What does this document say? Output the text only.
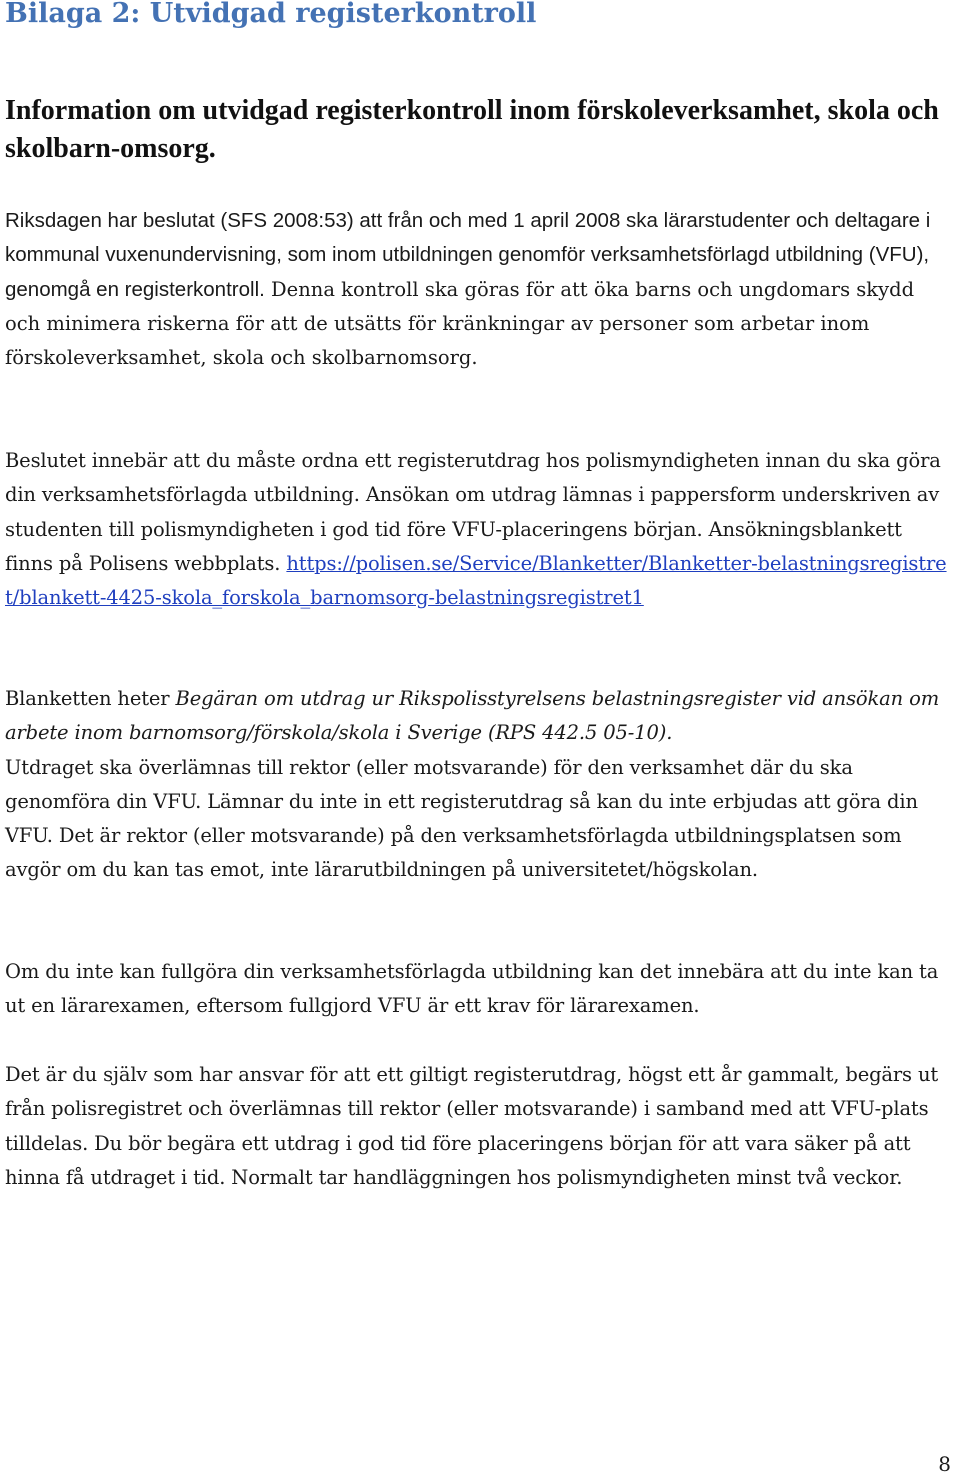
Bilaga 2: Utvidgad registerkontroll
Information om utvidgad registerkontroll inom förskoleverksamhet, skola och skolbarn-omsorg.

Riksdagen har beslutat (SFS 2008:53) att från och med 1 april 2008 ska lärarstudenter och deltagare i kommunal vuxenundervisning, som inom utbildningen genomför verksamhetsförlagd utbildning (VFU), genomgå en registerkontroll. Denna kontroll ska göras för att öka barns och ungdomars skydd och minimera riskerna för att de utsätts för kränkningar av personer som arbetar inom förskoleverksamhet, skola och skolbarnomsorg.

Beslutet innebär att du måste ordna ett registerutdrag hos polismyndigheten innan du ska göra din verksamhetsförlagda utbildning. Ansökan om utdrag lämnas i pappersform underskriven av studenten till polismyndigheten i god tid före VFU-placeringens början. Ansökningsblankett finns på Polisens webbplats. https://polisen.se/Service/Blanketter/Blanketter-belastningsregistret/blankett-4425-skola_forskola_barnomsorg-belastningsregistret1

Blanketten heter Begäran om utdrag ur Rikspolisstyrelsens belastningsregister vid ansökan om arbete inom barnomsorg/förskola/skola i Sverige (RPS 442.5 05-10).
Utdraget ska överlämnas till rektor (eller motsvarande) för den verksamhet där du ska genomföra din VFU. Lämnar du inte in ett registerutdrag så kan du inte erbjudas att göra din VFU. Det är rektor (eller motsvarande) på den verksamhetsförlagda utbildningsplatsen som avgör om du kan tas emot, inte lärarutbildningen på universitetet/högskolan.

Om du inte kan fullgöra din verksamhetsförlagda utbildning kan det innebära att du inte kan ta ut en lärarexamen, eftersom fullgjord VFU är ett krav för lärarexamen.

Det är du själv som har ansvar för att ett giltigt registerutdrag, högst ett år gammalt, begärs ut från polisregistret och överlämnas till rektor (eller motsvarande) i samband med att VFU-plats tilldelas. Du bör begära ett utdrag i god tid före placeringens början för att vara säker på att hinna få utdraget i tid. Normalt tar handläggningen hos polismyndigheten minst två veckor.

8
